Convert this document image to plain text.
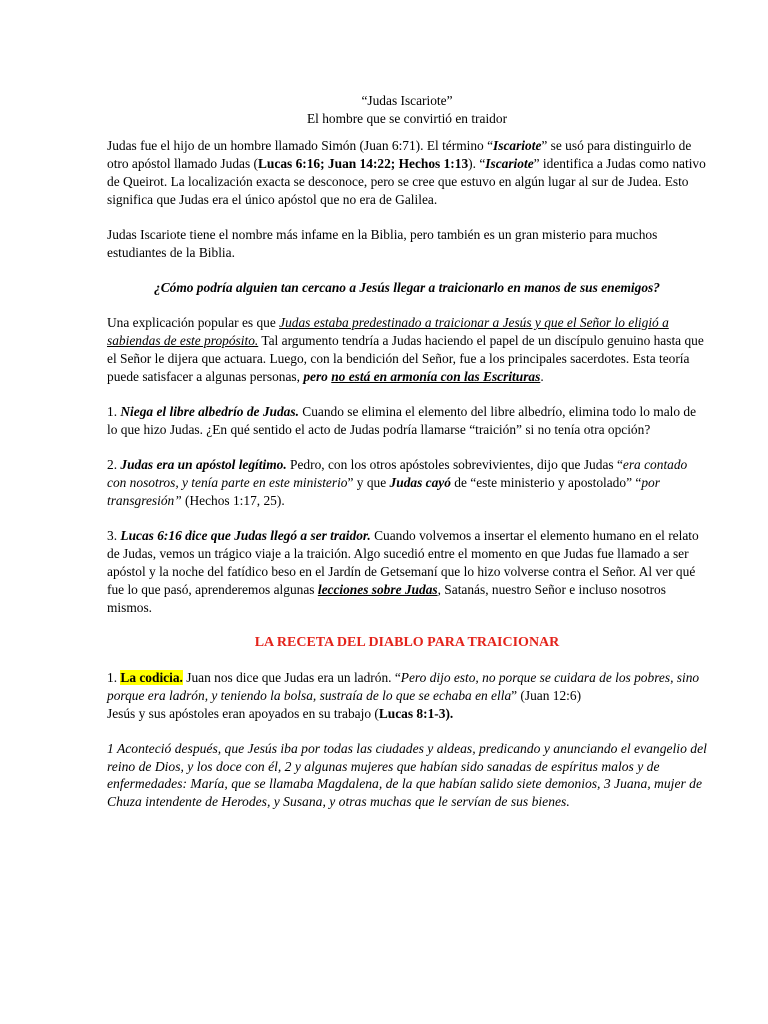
“Judas Iscariote”

El hombre que se convirtió en traidor

Judas fue el hijo de un hombre llamado Simón (Juan 6:71). El término “Iscariote” se usó para distinguirlo de otro apóstol llamado Judas (Lucas 6:16; Juan 14:22; Hechos 1:13). “Iscariote” identifica a Judas como nativo de Queirot. La localización exacta se desconoce, pero se cree que estuvo en algún lugar al sur de Judea. Esto significa que Judas era el único apóstol que no era de Galilea.

Judas Iscariote tiene el nombre más infame en la Biblia, pero también es un gran misterio para muchos estudiantes de la Biblia.

¿Cómo podría alguien tan cercano a Jesús llegar a traicionarlo en manos de sus enemigos?

Una explicación popular es que Judas estaba predestinado a traicionar a Jesús y que el Señor lo eligió a sabiendas de este propósito. Tal argumento tendría a Judas haciendo el papel de un discípulo genuino hasta que el Señor le dijera que actuara. Luego, con la bendición del Señor, fue a los principales sacerdotes. Esta teoría puede satisfacer a algunas personas, pero no está en armonía con las Escrituras.

1. Niega el libre albedrío de Judas. Cuando se elimina el elemento del libre albedrío, elimina todo lo malo de lo que hizo Judas. ¿En qué sentido el acto de Judas podría llamarse “traición” si no tenía otra opción?

2. Judas era un apóstol legítimo. Pedro, con los otros apóstoles sobrevivientes, dijo que Judas “era contado con nosotros, y tenía parte en este ministerio” y que Judas cayó de “este ministerio y apostolado” “por transgresión” (Hechos 1:17, 25).

3. Lucas 6:16 dice que Judas llegó a ser traidor. Cuando volvemos a insertar el elemento humano en el relato de Judas, vemos un trágico viaje a la traición. Algo sucedió entre el momento en que Judas fue llamado a ser apóstol y la noche del fatídico beso en el Jardín de Getsemaní que lo hizo volverse contra el Señor. Al ver qué fue lo que pasó, aprenderemos algunas lecciones sobre Judas, Satanás, nuestro Señor e incluso nosotros mismos.

LA RECETA DEL DIABLO PARA TRAICIONAR

1. La codicia. Juan nos dice que Judas era un ladrón. “Pero dijo esto, no porque se cuidara de los pobres, sino porque era ladrón, y teniendo la bolsa, sustraía de lo que se echaba en ella” (Juan 12:6)

Jesús y sus apóstoles eran apoyados en su trabajo (Lucas 8:1-3).

1 Aconteció después, que Jesús iba por todas las ciudades y aldeas, predicando y anunciando el evangelio del reino de Dios, y los doce con él, 2 y algunas mujeres que habían sido sanadas de espíritus malos y de enfermedades: María, que se llamaba Magdalena, de la que habían salido siete demonios, 3 Juana, mujer de Chuza intendente de Herodes, y Susana, y otras muchas que le servían de sus bienes.
